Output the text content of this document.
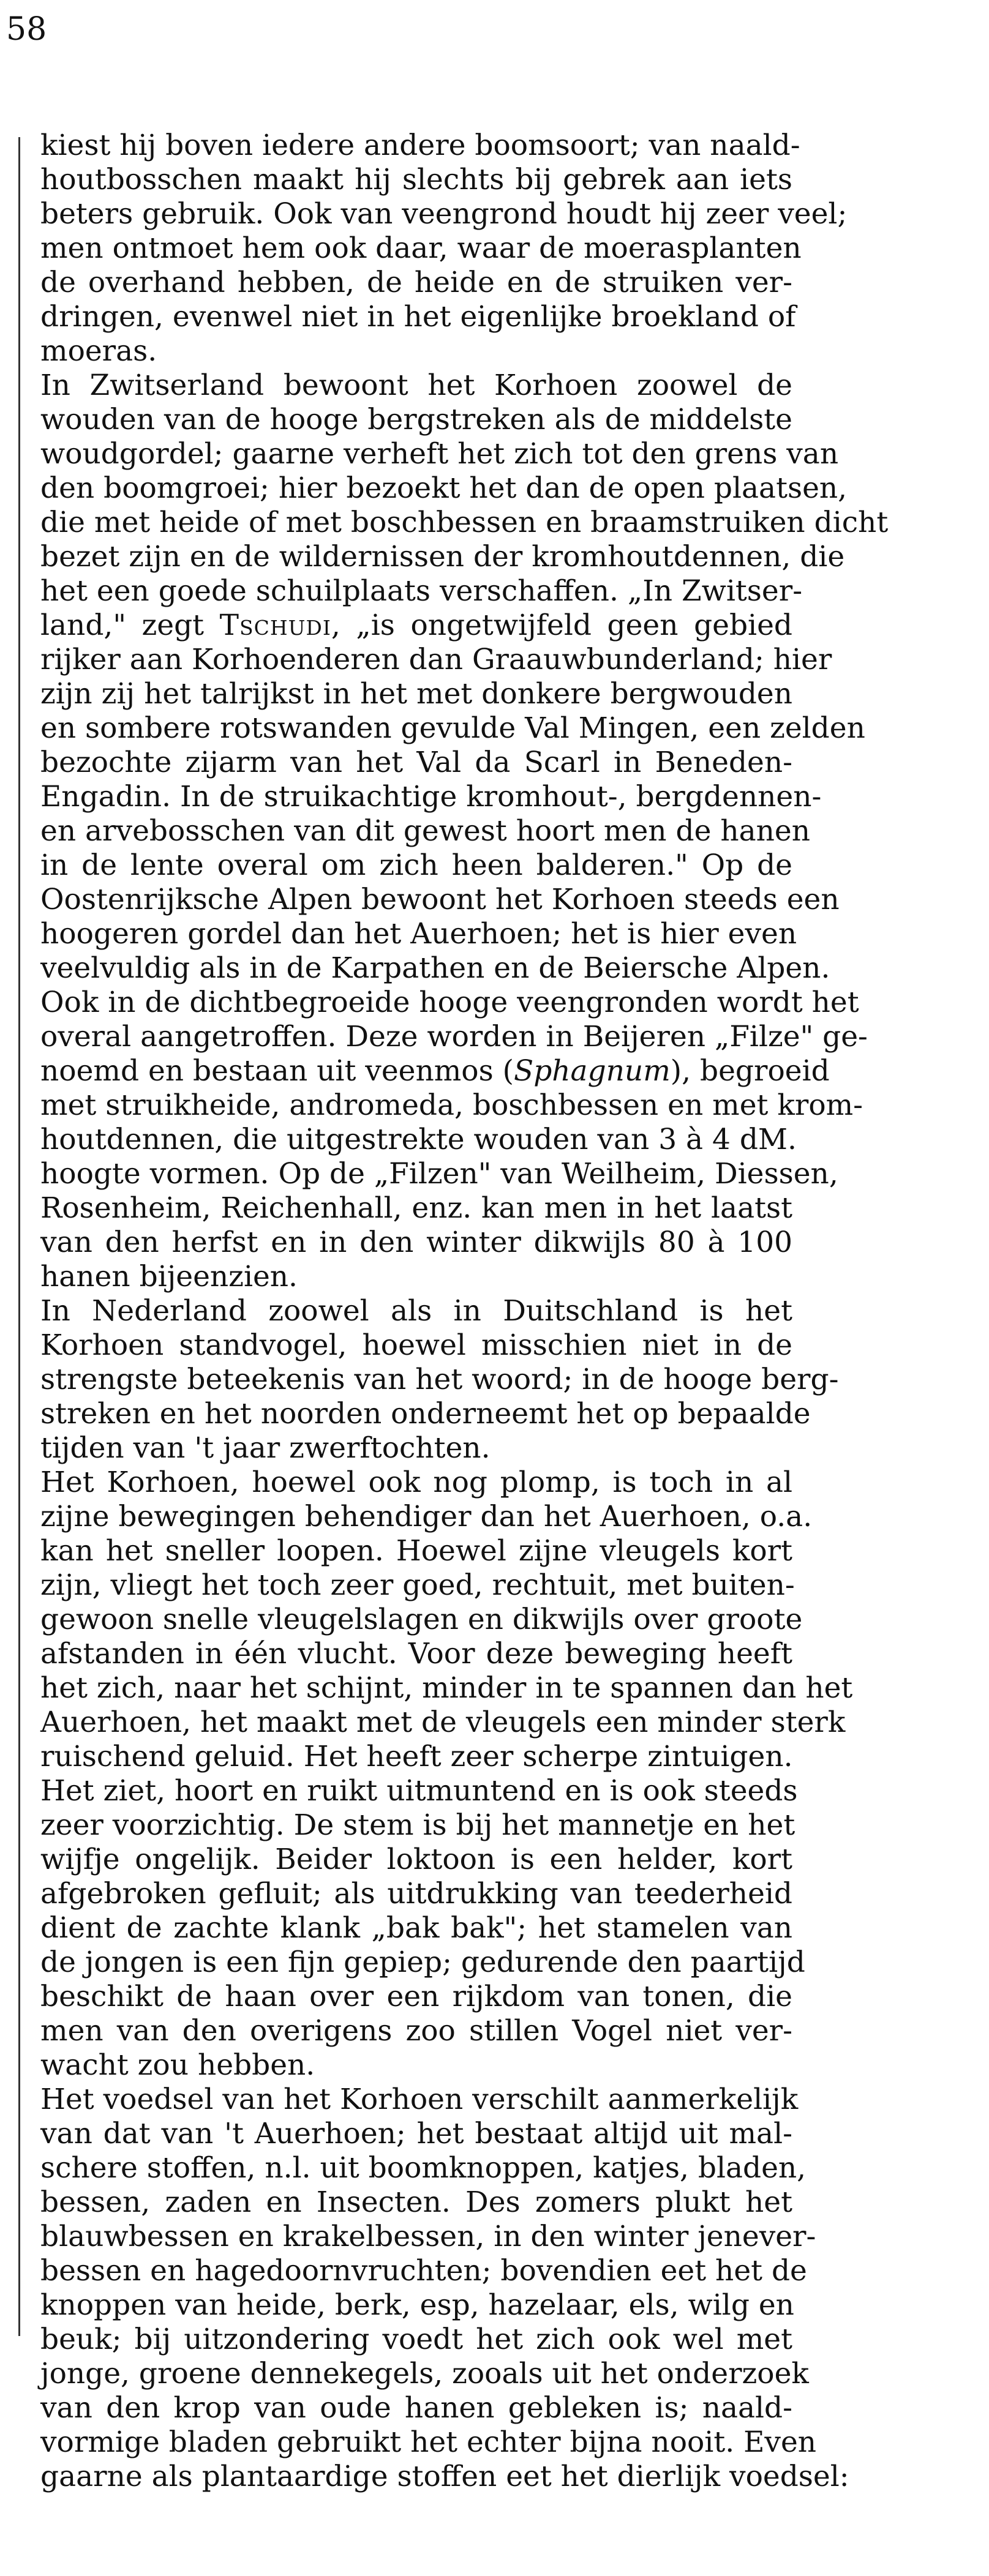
58
kiest hij boven iedere andere boomsoort; van naald-
houtbosschen maakt hij slechts bij gebrek aan iets
beters gebruik. Ook van veengrond houdt hij zeer veel;
men ontmoet hem ook daar, waar de moerasplanten
de overhand hebben, de heide en de struiken ver-
dringen, evenwel niet in het eigenlijke broekland of
moeras.
In Zwitserland bewoont het Korhoen zoowel de
wouden van de hooge bergstreken als de middelste
woudgordel; gaarne verheft het zich tot den grens van
den boomgroei; hier bezoekt het dan de open plaatsen,
die met heide of met boschbessen en braamstruiken dicht
bezet zijn en de wildernissen der kromhoutdennen, die
het een goede schuilplaats verschaffen. „In Zwitser-
land," zegt Tschudi, „is ongetwijfeld geen gebied
rijker aan Korhoenderen dan Graauwbunderland; hier
zijn zij het talrijkst in het met donkere bergwouden
en sombere rotswanden gevulde Val Mingen, een zelden
bezochte zijarm van het Val da Scarl in Beneden-
Engadin. In de struikachtige kromhout-, bergdennen-
en arvebosschen van dit gewest hoort men de hanen
in de lente overal om zich heen balderen." Op de
Oostenrijksche Alpen bewoont het Korhoen steeds een
hoogeren gordel dan het Auerhoen; het is hier even
veelvuldig als in de Karpathen en de Beiersche Alpen.
Ook in de dichtbegroeide hooge veengronden wordt het
overal aangetroffen. Deze worden in Beijeren „Filze" ge-
noemd en bestaan uit veenmos (Sphagnum), begroeid
met struikheide, andromeda, boschbessen en met krom-
houtdennen, die uitgestrekte wouden van 3 à 4 dM.
hoogte vormen. Op de „Filzen" van Weilheim, Diessen,
Rosenheim, Reichenhall, enz. kan men in het laatst
van den herfst en in den winter dikwijls 80 à 100
hanen bijeenzien.
In Nederland zoowel als in Duitschland is het
Korhoen standvogel, hoewel misschien niet in de
strengste beteekenis van het woord; in de hooge berg-
streken en het noorden onderneemt het op bepaalde
tijden van 't jaar zwerftochten.
Het Korhoen, hoewel ook nog plomp, is toch in al
zijne bewegingen behendiger dan het Auerhoen, o.a.
kan het sneller loopen. Hoewel zijne vleugels kort
zijn, vliegt het toch zeer goed, rechtuit, met buiten-
gewoon snelle vleugelslagen en dikwijls over groote
afstanden in één vlucht. Voor deze beweging heeft
het zich, naar het schijnt, minder in te spannen dan het
Auerhoen, het maakt met de vleugels een minder sterk
ruischend geluid. Het heeft zeer scherpe zintuigen.
Het ziet, hoort en ruikt uitmuntend en is ook steeds
zeer voorzichtig. De stem is bij het mannetje en het
wijfje ongelijk. Beider loktoon is een helder, kort
afgebroken gefluit; als uitdrukking van teederheid
dient de zachte klank „bak bak"; het stamelen van
de jongen is een fijn gepiep; gedurende den paartijd
beschikt de haan over een rijkdom van tonen, die
men van den overigens zoo stillen Vogel niet ver-
wacht zou hebben.
Het voedsel van het Korhoen verschilt aanmerkelijk
van dat van 't Auerhoen; het bestaat altijd uit mal-
schere stoffen, n.l. uit boomknoppen, katjes, bladen,
bessen, zaden en Insecten. Des zomers plukt het
blauwbessen en krakelbessen, in den winter jenever-
bessen en hagedoornvruchten; bovendien eet het de
knoppen van heide, berk, esp, hazelaar, els, wilg en
beuk; bij uitzondering voedt het zich ook wel met
jonge, groene dennekegels, zooals uit het onderzoek
van den krop van oude hanen gebleken is; naald-
vormige bladen gebruikt het echter bijna nooit. Even
gaarne als plantaardige stoffen eet het dierlijk voedsel:
